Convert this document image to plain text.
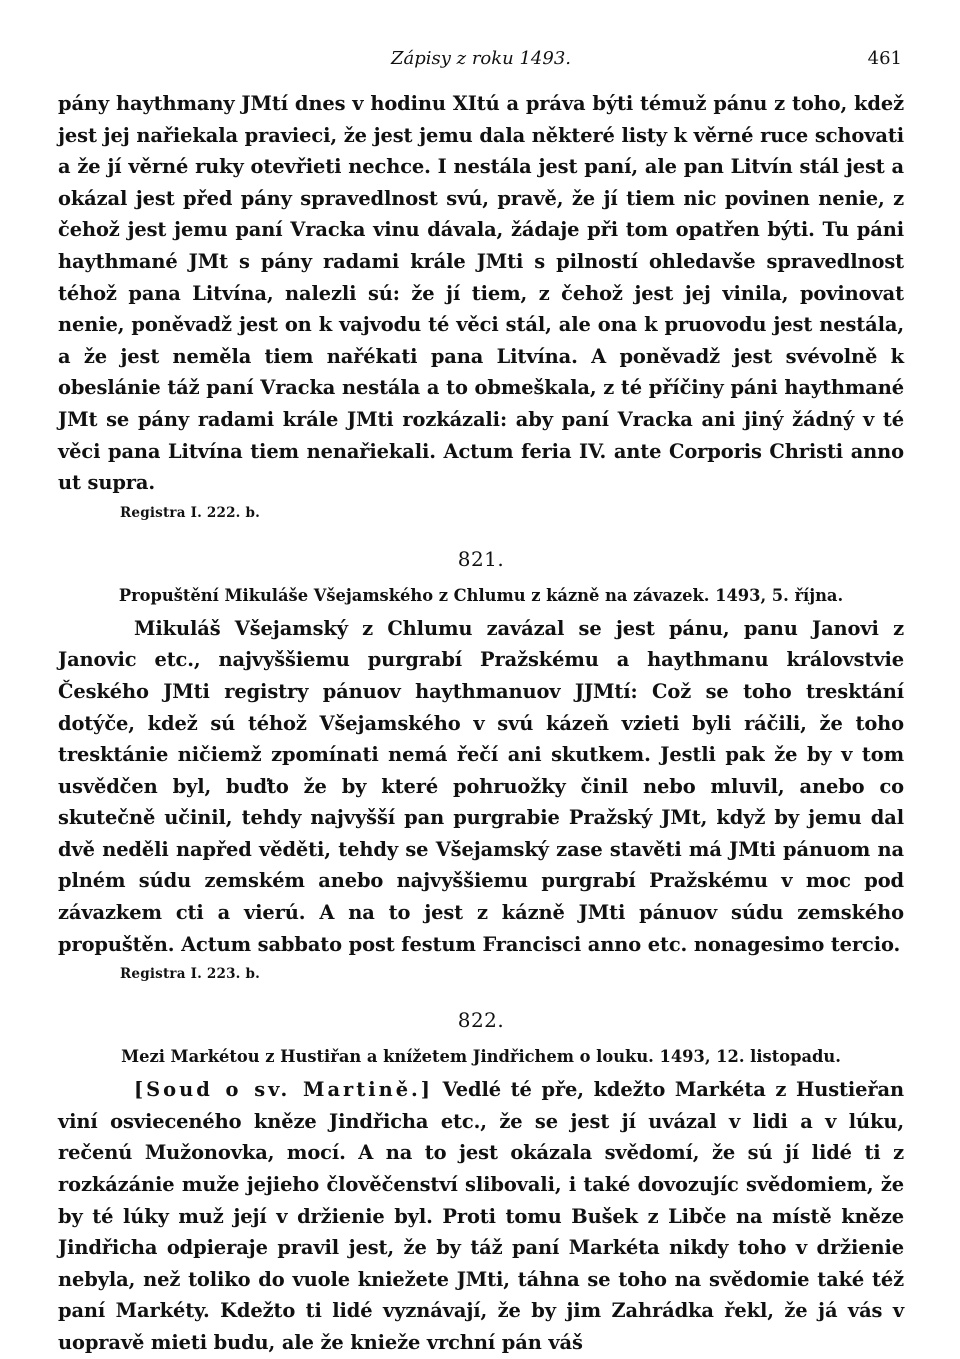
Zápisy z roku 1493.	461

pány haythmany JMtí dnes v hodinu XItú a práva býti témuž pánu z toho, kdež jest jej nařiekala pravieci, že jest jemu dala některé listy k věrné ruce schovati a že jí věrné ruky otevřieti nechce. I nestála jest paní, ale pan Litvín stál jest a okázal jest před pány spravedlnost svú, pravě, že jí tiem nic povinen nenie, z čehož jest jemu paní Vracka vinu dávala, žádaje při tom opatřen býti. Tu páni haythmané JMt s pány radami krále JMti s pilností ohledavše spravedlnost téhož pana Litvína, nalezli sú: že jí tiem, z čehož jest jej vinila, povinovat nenie, poněvadž jest on k vajvodu té věci stál, ale ona k pruovodu jest nestála, a že jest neměla tiem nařékati pana Litvína. A poněvadž jest svévolně k obeslánie táž paní Vracka nestála a to obmeškala, z té příčiny páni haythmané JMt se pány radami krále JMti rozkázali: aby paní Vracka ani jiný žádný v té věci pana Litvína tiem nenařiekali. Actum feria IV. ante Corporis Christi anno ut supra.

Registra I. 222. b.
821.
Propuštění Mikuláše Všejamského z Chlumu z kázně na závazek. 1493, 5. října.

Mikuláš Všejamský z Chlumu zavázal se jest pánu, panu Janovi z Janovic etc., najvyššiemu purgrabí Pražskému a haythmanu královstvie Českého JMti registry pánuov haythmanuov JJMtí: Což se toho tresktání dotýče, kdež sú téhož Všejamského v svú kázeň vzieti byli ráčili, že toho tresktánie ničiemž zpomínati nemá řečí ani skutkem. Jestli pak že by v tom usvědčen byl, buďto že by které pohruožky činil nebo mluvil, anebo co skutečně učinil, tehdy najvyšší pan purgrabie Pražský JMt, když by jemu dal dvě neděli napřed věděti, tehdy se Všejamský zase stavěti má JMti pánuom na plném súdu zemském anebo najvyššiemu purgrabí Pražskému v moc pod závazkem cti a vierú. A na to jest z kázně JMti pánuov súdu zemského propuštěn. Actum sabbato post festum Francisci anno etc. nonagesimo tercio.

Registra I. 223. b.
822.
Mezi Markétou z Hustiřan a knížetem Jindřichem o louku. 1493, 12. listopadu.

[Soud o sv. Martině.] Vedlé té pře, kdežto Markéta z Hustieřan viní osvieceného kněze Jindřicha etc., že se jest jí uvázal v lidi a v lúku, rečenú Mužonovka, mocí. A na to jest okázala svědomí, že sú jí lidé ti z rozkázánie muže jejieho člověčenství slibovali, i také dovozujíc svědomiem, že by té lúky muž její v držienie byl. Proti tomu Bušek z Libče na místě kněze Jindřicha odpieraje pravil jest, že by táž paní Markéta nikdy toho v držienie nebyla, než toliko do vuole kniežete JMti, táhna se toho na svědomie také též paní Markéty. Kdežto ti lidé vyznávají, že by jim Zahrádka řekl, že já vás v uopravě mieti budu, ale že knieže vrchní pán váš
